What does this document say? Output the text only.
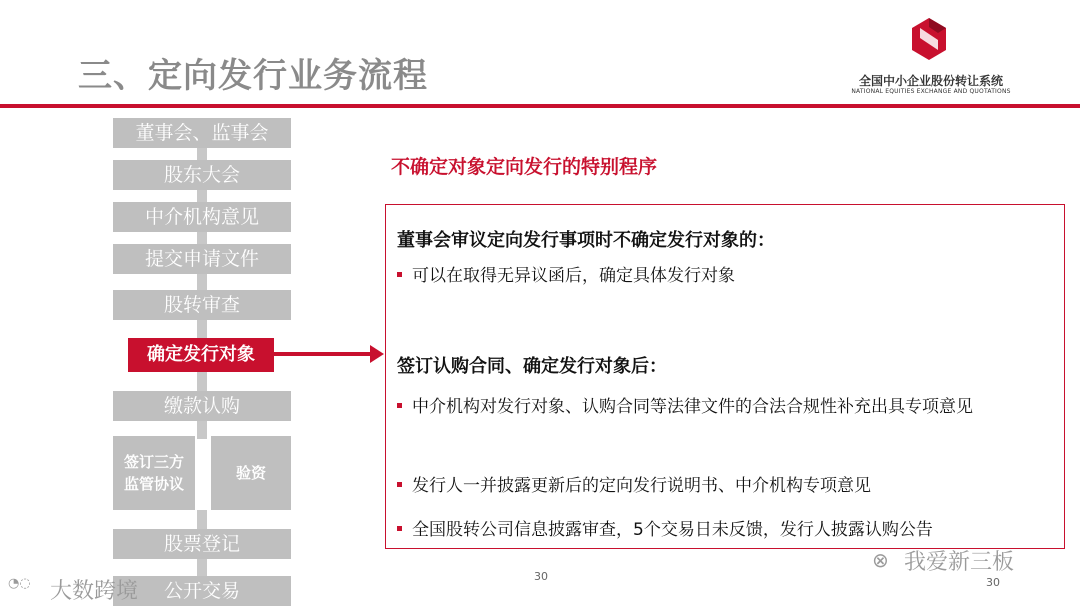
三、定向发行业务流程	全国中小企业股份转让系统
NATIONAL EQUITIES EXCHANGE AND QUOTATIONS
董事会、监事会
股东大会
中介机构意见
提交申请文件
股转审查
确定发行对象
缴款认购
签订三方监管协议
验资
股票登记
公开交易
不确定对象定向发行的特别程序
董事会审议定向发行事项时不确定发行对象的：
可以在取得无异议函后，确定具体发行对象
签订认购合同、确定发行对象后：
中介机构对发行对象、认购合同等法律文件的合法合规性补充出具专项意见
发行人一并披露更新后的定向发行说明书、中介机构专项意见
全国股转公司信息披露审查，5个交易日未反馈，发行人披露认购公告
30	30
◔◌ 大数跨境
⊗ 我爱新三板
